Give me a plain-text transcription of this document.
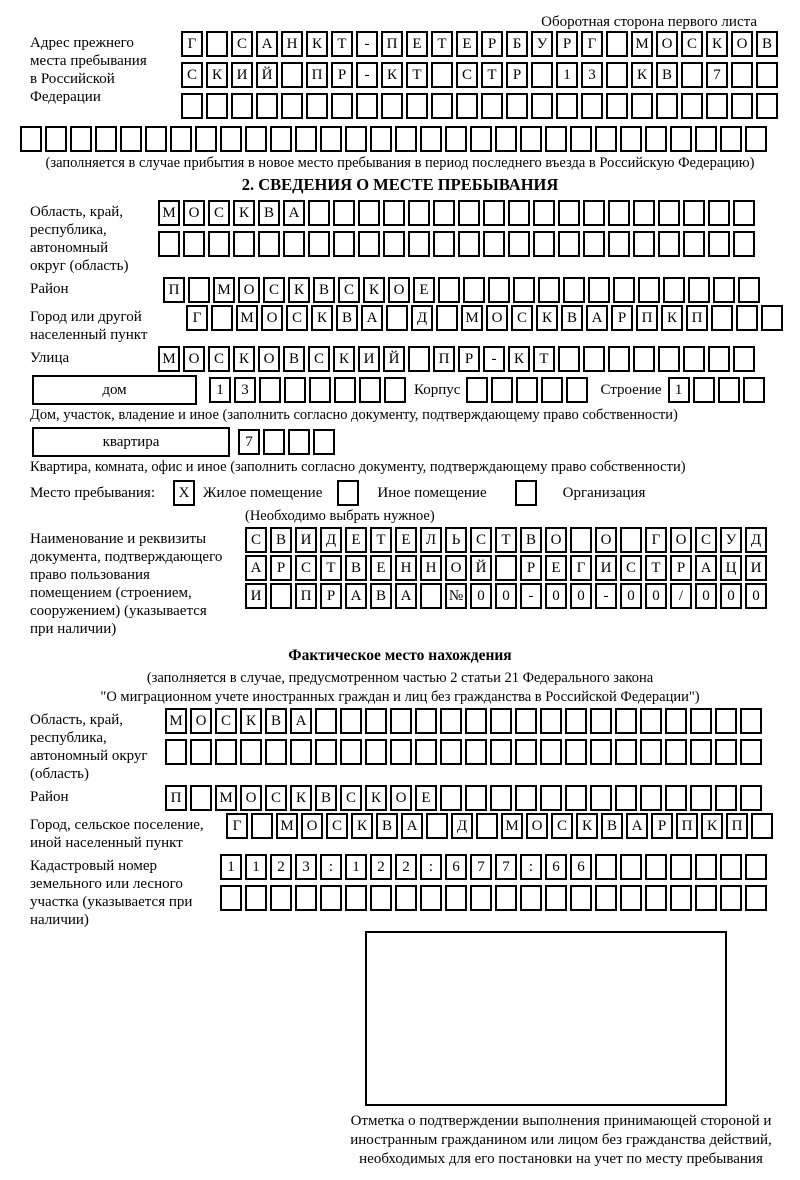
Оборотная сторона первого листа
Адрес прежнего места пребывания в Российской Федерации
Г	С А Н К	Т	-	П Е	Т	Е	Р	Б	У	Р	Г	М О С К О В
С К И Й	П	Р	-	К	Т	С	Т	Р	1	3	К В	7
(заполняется в случае прибытия в новое место пребывания в период последнего въезда в Российскую Федерацию)
2. СВЕДЕНИЯ О МЕСТЕ ПРЕБЫВАНИЯ
Область, край, республика, автономный округ (область)
М О С К В А
Район	П	М О С К В С К О Е
Город или другой населенный пункт
Г	М О С К В А	Д	М О С К В А	Р	П К П
Улица	М О С К О В С К И Й	П	Р	-	К	Т
дом	1	3	Корпус	Строение 1
Дом, участок, владение и иное (заполнить согласно документу, подтверждающему право собственности)
квартира	7
Квартира, комната, офис и иное (заполнить согласно документу, подтверждающему право собственности)
Место пребывания:	X Жилое помещение	Иное помещение	Организация
(Необходимо выбрать нужное)
Наименование и реквизиты документа, подтверждающего право пользования помещением (строением, сооружением) (указывается при наличии)
С В И Д	Е	Т	Е	Л	Ь	С	Т	В О	О	Г	О С У Д
А	Р	С	Т	В	Е	Н Н О Й	Р	Е	Г	И С	Т	Р	А Ц И
И	П	Р	А В А	№ 0	0	-	0	0	-	0	0	/	0	0	0
Фактическое место нахождения
(заполняется в случае, предусмотренном частью 2 статьи 21 Федерального закона
"О миграционном учете иностранных граждан и лиц без гражданства в Российской Федерации")
Область, край, республика, автономный округ (область)
М О С К В А
Район	П	М О С К В С К О Е
Город, сельское поселение, иной населенный пункт
Г	М О С К В А	Д	М О С К В А	Р	П К П
Кадастровый номер земельного или лесного участка (указывается при наличии)
1	1	2	3	:	1	2	2	:	6	7	7	:	6	6
Отметка о подтверждении выполнения принимающей стороной и иностранным гражданином или лицом без гражданства действий, необходимых для его постановки на учет по месту пребывания
